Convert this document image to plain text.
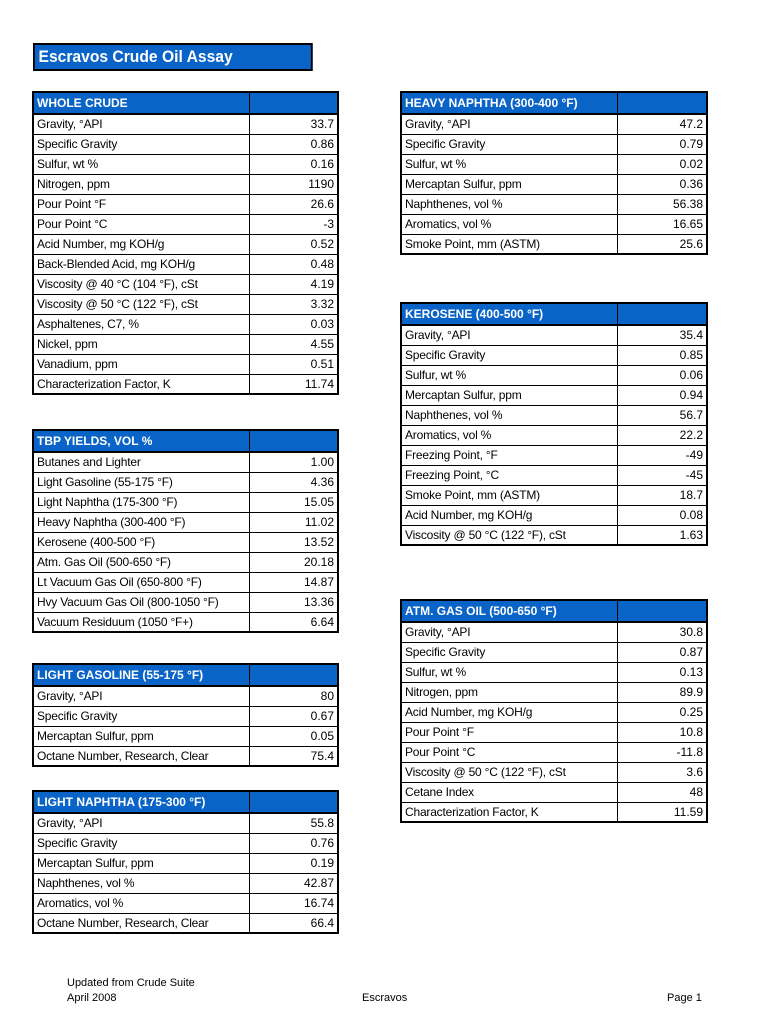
Escravos Crude Oil Assay
WHOLE CRUDE	
Gravity, °API	33.7
Specific Gravity	0.86
Sulfur, wt %	0.16
Nitrogen, ppm	1190
Pour Point °F	26.6
Pour Point °C	-3
Acid Number, mg KOH/g	0.52
Back-Blended Acid, mg KOH/g	0.48
Viscosity @ 40 °C (104 °F), cSt	4.19
Viscosity @ 50 °C (122 °F), cSt	3.32
Asphaltenes, C7, %	0.03
Nickel, ppm	4.55
Vanadium, ppm	0.51
Characterization Factor, K	11.74
TBP YIELDS, VOL %	
Butanes and Lighter	1.00
Light Gasoline (55-175 °F)	4.36
Light Naphtha (175-300 °F)	15.05
Heavy Naphtha (300-400 °F)	11.02
Kerosene (400-500 °F)	13.52
Atm. Gas Oil (500-650 °F)	20.18
Lt Vacuum Gas Oil (650-800 °F)	14.87
Hvy Vacuum Gas Oil (800-1050 °F)	13.36
Vacuum Residuum (1050 °F+)	6.64
LIGHT GASOLINE (55-175 °F)	
Gravity, °API	80
Specific Gravity	0.67
Mercaptan Sulfur, ppm	0.05
Octane Number, Research, Clear	75.4
LIGHT NAPHTHA (175-300 °F)	
Gravity, °API	55.8
Specific Gravity	0.76
Mercaptan Sulfur, ppm	0.19
Naphthenes, vol %	42.87
Aromatics, vol %	16.74
Octane Number, Research, Clear	66.4
HEAVY NAPHTHA (300-400 °F)	
Gravity, °API	47.2
Specific Gravity	0.79
Sulfur, wt %	0.02
Mercaptan Sulfur, ppm	0.36
Naphthenes, vol %	56.38
Aromatics, vol %	16.65
Smoke Point, mm (ASTM)	25.6
KEROSENE (400-500 °F)	
Gravity, °API	35.4
Specific Gravity	0.85
Sulfur, wt %	0.06
Mercaptan Sulfur, ppm	0.94
Naphthenes, vol %	56.7
Aromatics, vol %	22.2
Freezing Point, °F	-49
Freezing Point, °C	-45
Smoke Point, mm (ASTM)	18.7
Acid Number, mg KOH/g	0.08
Viscosity @ 50 °C (122 °F), cSt	1.63
ATM. GAS OIL (500-650 °F)	
Gravity, °API	30.8
Specific Gravity	0.87
Sulfur, wt %	0.13
Nitrogen, ppm	89.9
Acid Number, mg KOH/g	0.25
Pour Point °F	10.8
Pour Point °C	-11.8
Viscosity @ 50 °C (122 °F), cSt	3.6
Cetane Index	48
Characterization Factor, K	11.59
Updated from Crude Suite
April 2008	Escravos	Page 1
